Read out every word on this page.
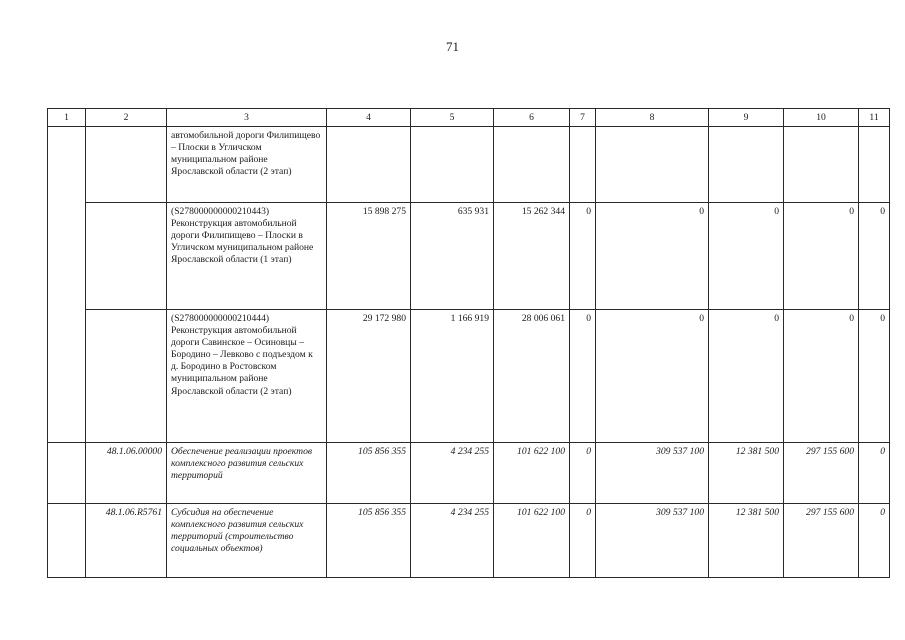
71
1	2	3	4	5	6	7	8	9	10	11
		автомобильной дороги Филипищево – Плоски в Угличском муниципальном районе Ярославской области (2 этап)								
		(S278000000000210443) Реконструкция автомобильной дороги Филипищево – Плоски в Угличском муниципальном районе Ярославской области (1 этап)	15 898 275	635 931	15 262 344	0	0	0	0	0
		(S278000000000210444) Реконструкция автомобильной дороги Савинское – Осиновцы – Бородино – Левково с подъездом к д. Бородино в Ростовском муниципальном районе Ярославской области (2 этап)	29 172 980	1 166 919	28 006 061	0	0	0	0	0
	48.1.06.00000	Обеспечение реализации проектов комплексного развития сельских территорий	105 856 355	4 234 255	101 622 100	0	309 537 100	12 381 500	297 155 600	0
	48.1.06.R5761	Субсидия на обеспечение комплексного развития сельских территорий (строительство социальных объектов)	105 856 355	4 234 255	101 622 100	0	309 537 100	12 381 500	297 155 600	0
